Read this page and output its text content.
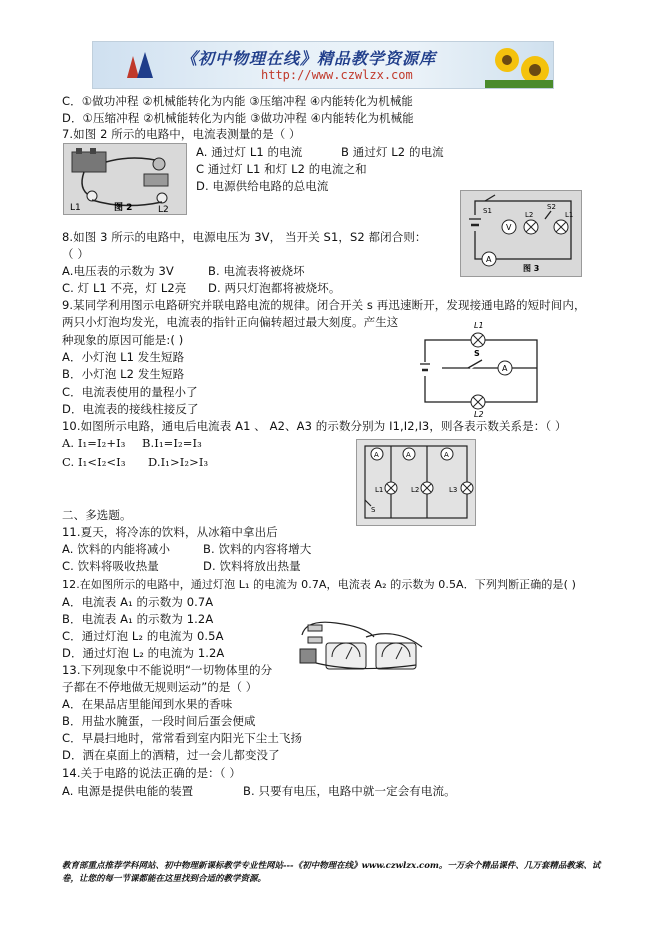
《初中物理在线》精品教学资源库
http://www.czwlzx.com
C．①做功冲程 ②机械能转化为内能 ③压缩冲程 ④内能转化为机械能
D．①压缩冲程 ②机械能转化为内能 ③做功冲程 ④内能转化为机械能
7.如图 2 所示的电路中，电流表测量的是（ ）
L1	图 2	L2
A. 通过灯 L1 的电流	B 通过灯 L2 的电流
C 通过灯 L1 和灯 L2 的电流之和
D. 电源供给电路的总电流
S1
V
L2
S2
L1
A
图 3
8.如图 3 所示的电路中，电源电压为 3V， 当开关 S1，S2 都闭合则：
（ ）
A.电压表的示数为 3V	B. 电流表将被烧坏
C. 灯 L1 不亮，灯 L2亮 D. 两只灯泡都将被烧坏。
9.某同学利用图示电路研究并联电路电流的规律。闭合开关 s 再迅速断开，发现接通电路的短时间内，
两只小灯泡均发光，电流表的指针正向偏转超过最大刻度。产生这
种现象的原因可能是:( )
A．小灯泡 L1 发生短路
B．小灯泡 L2 发生短路
C．电流表使用的量程小了
D．电流表的接线柱接反了
L1
S
A
L2
10.如图所示电路，通电后电流表 A1 、 A2、A3 的示数分别为 I1,I2,I3，则各表示数关系是：（ ）
A. I₁=I₂+I₃ B.I₁=I₂=I₃
C. I₁<I₂<I₃ D.I₁>I₂>I₃	A	A	A
L1	L2	L3
S
二、多选题。
11.夏天，将冷冻的饮料，从冰箱中拿出后
A. 饮料的内能将减小	B. 饮料的内容将增大
C. 饮料将吸收热量	D. 饮料将放出热量
12.在如图所示的电路中，通过灯泡 L₁ 的电流为 0.7A，电流表 A₂ 的示数为 0.5A．下列判断正确的是( )
A．电流表 A₁ 的示数为 0.7A
B．电流表 A₁ 的示数为 1.2A
C．通过灯泡 L₂ 的电流为 0.5A
D．通过灯泡 L₂ 的电流为 1.2A
13.下列现象中不能说明“一切物体里的分
子都在不停地做无规则运动”的是（ ）
A．在果品店里能闻到水果的香味
B．用盐水腌蛋，一段时间后蛋会便咸
C．早晨扫地时，常常看到室内阳光下尘土飞扬
D．洒在桌面上的酒精，过一会儿都变没了
14.关于电路的说法正确的是：（ ）
A. 电源是提供电能的装置	B. 只要有电压，电路中就一定会有电流。
教育部重点推荐学科网站、初中物理新课标教学专业性网站---《初中物理在线》www.czwlzx.com。一万余个精品课件、几万套精品教案、试卷，让您的每一节课都能在这里找到合适的教学资源。
